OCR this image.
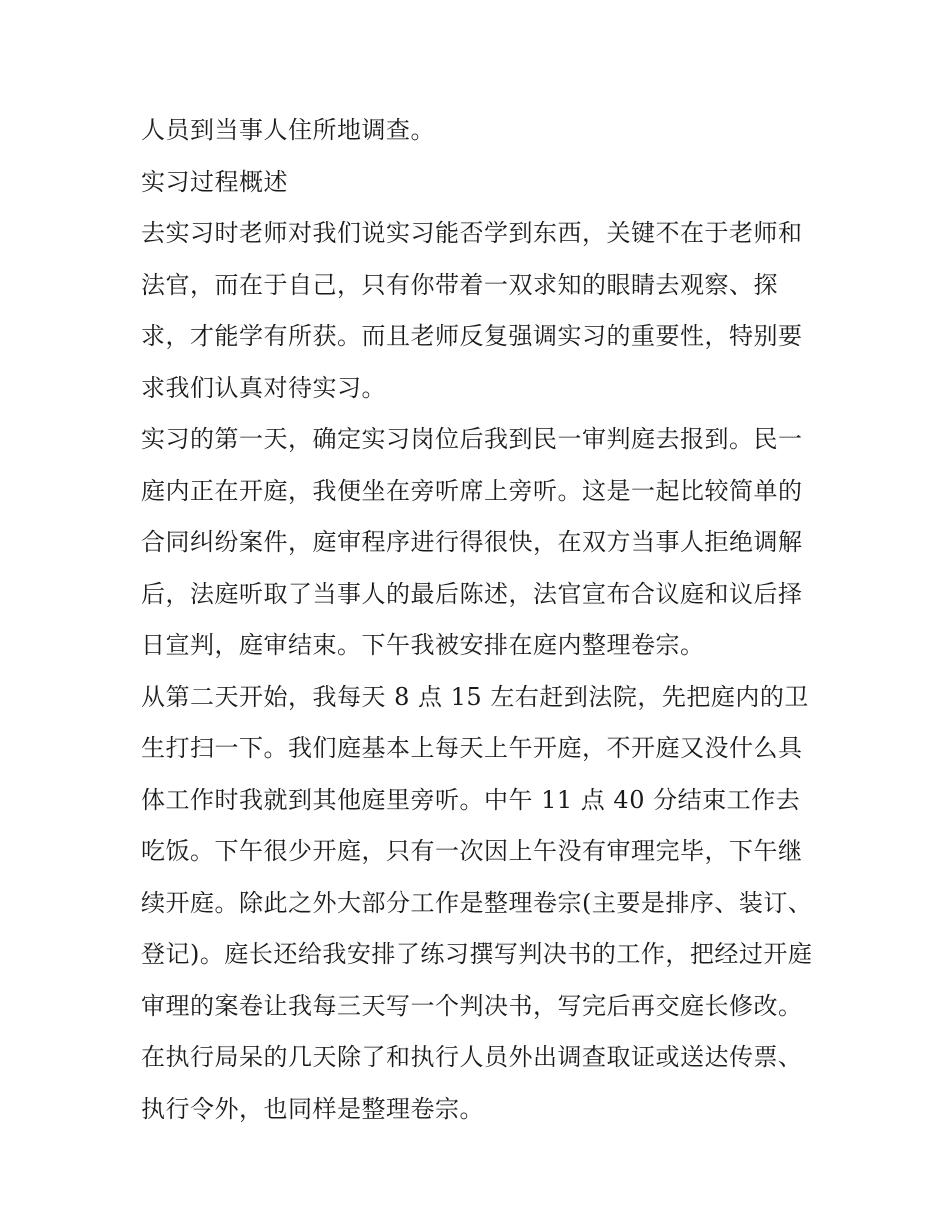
人员到当事人住所地调查。

实习过程概述

去实习时老师对我们说实习能否学到东西，关键不在于老师和法官，而在于自己，只有你带着一双求知的眼睛去观察、探求，才能学有所获。而且老师反复强调实习的重要性，特别要求我们认真对待实习。

实习的第一天，确定实习岗位后我到民一审判庭去报到。民一庭内正在开庭，我便坐在旁听席上旁听。这是一起比较简单的合同纠纷案件，庭审程序进行得很快，在双方当事人拒绝调解后，法庭听取了当事人的最后陈述，法官宣布合议庭和议后择日宣判，庭审结束。下午我被安排在庭内整理卷宗。

从第二天开始，我每天 8 点 15 左右赶到法院，先把庭内的卫生打扫一下。我们庭基本上每天上午开庭，不开庭又没什么具体工作时我就到其他庭里旁听。中午 11 点 40 分结束工作去吃饭。下午很少开庭，只有一次因上午没有审理完毕，下午继续开庭。除此之外大部分工作是整理卷宗(主要是排序、装订、登记)。庭长还给我安排了练习撰写判决书的工作，把经过开庭审理的案卷让我每三天写一个判决书，写完后再交庭长修改。在执行局呆的几天除了和执行人员外出调查取证或送达传票、执行令外，也同样是整理卷宗。
